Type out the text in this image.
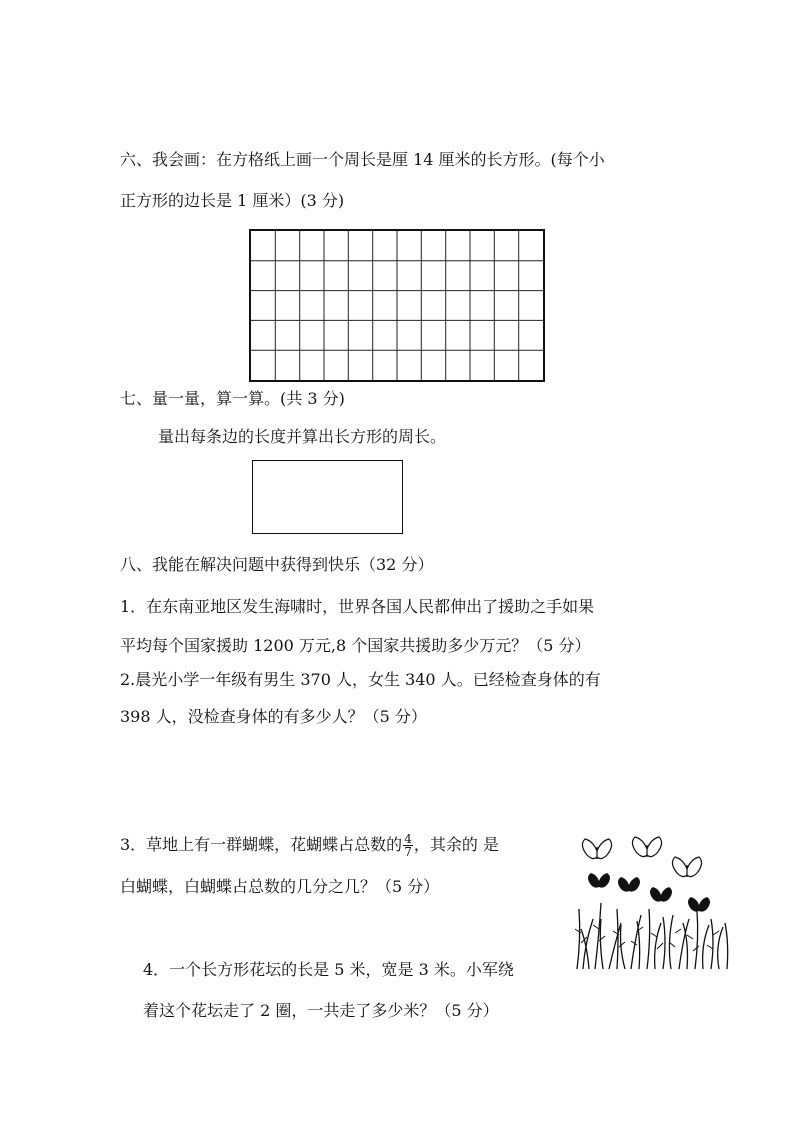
六、我会画：在方格纸上画一个周长是厘 14 厘米的长方形。(每个小
正方形的边长是 1 厘米）(3 分)
七、量一量，算一算。(共 3 分)
量出每条边的长度并算出长方形的周长。
八、我能在解决问题中获得到快乐（32 分）
1．在东南亚地区发生海啸时，世界各国人民都伸出了援助之手如果
平均每个国家援助 1200 万元,8 个国家共援助多少万元？（5 分）
2.晨光小学一年级有男生 370 人，女生 340 人。已经检查身体的有
398 人，没检查身体的有多少人？（5 分）
3．草地上有一群蝴蝶，花蝴蝶占总数的 $\frac{4}{7}$ ，其余的 是
白蝴蝶，白蝴蝶占总数的几分之几？（5 分）
4．一个长方形花坛的长是 5 米，宽是 3 米。小军绕
着这个花坛走了 2 圈，一共走了多少米？（5 分）
